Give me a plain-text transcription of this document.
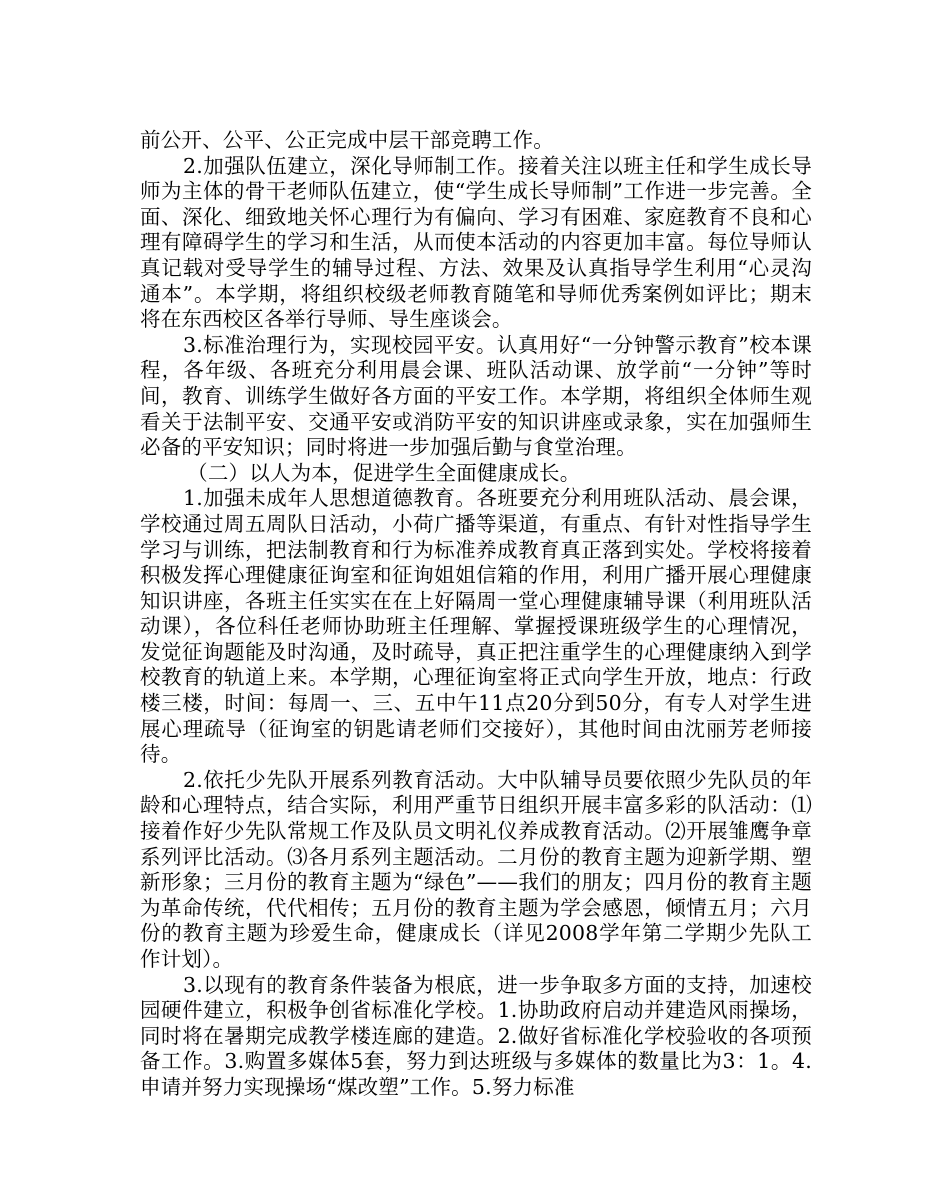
前公开、公平、公正完成中层干部竞聘工作。

2.加强队伍建立，深化导师制工作。接着关注以班主任和学生成长导师为主体的骨干老师队伍建立，使“学生成长导师制”工作进一步完善。全面、深化、细致地关怀心理行为有偏向、学习有困难、家庭教育不良和心理有障碍学生的学习和生活，从而使本活动的内容更加丰富。每位导师认真记载对受导学生的辅导过程、方法、效果及认真指导学生利用“心灵沟通本”。本学期，将组织校级老师教育随笔和导师优秀案例如评比；期末将在东西校区各举行导师、导生座谈会。

3.标准治理行为，实现校园平安。认真用好“一分钟警示教育”校本课程，各年级、各班充分利用晨会课、班队活动课、放学前“一分钟”等时间，教育、训练学生做好各方面的平安工作。本学期，将组织全体师生观看关于法制平安、交通平安或消防平安的知识讲座或录象，实在加强师生必备的平安知识；同时将进一步加强后勤与食堂治理。

（二）以人为本，促进学生全面健康成长。

1.加强未成年人思想道德教育。各班要充分利用班队活动、晨会课，学校通过周五周队日活动，小荷广播等渠道，有重点、有针对性指导学生学习与训练，把法制教育和行为标准养成教育真正落到实处。学校将接着积极发挥心理健康征询室和征询姐姐信箱的作用，利用广播开展心理健康知识讲座，各班主任实实在在上好隔周一堂心理健康辅导课（利用班队活动课），各位科任老师协助班主任理解、掌握授课班级学生的心理情况，发觉征询题能及时沟通，及时疏导，真正把注重学生的心理健康纳入到学校教育的轨道上来。本学期，心理征询室将正式向学生开放，地点：行政楼三楼，时间：每周一、三、五中午11点20分到50分，有专人对学生进展心理疏导（征询室的钥匙请老师们交接好），其他时间由沈丽芳老师接待。

2.依托少先队开展系列教育活动。大中队辅导员要依照少先队员的年龄和心理特点，结合实际，利用严重节日组织开展丰富多彩的队活动：⑴接着作好少先队常规工作及队员文明礼仪养成教育活动。⑵开展雏鹰争章系列评比活动。⑶各月系列主题活动。二月份的教育主题为迎新学期、塑新形象；三月份的教育主题为“绿色”——我们的朋友；四月份的教育主题为革命传统，代代相传；五月份的教育主题为学会感恩，倾情五月；六月份的教育主题为珍爱生命，健康成长（详见2008学年第二学期少先队工作计划）。

3.以现有的教育条件装备为根底，进一步争取多方面的支持，加速校园硬件建立，积极争创省标准化学校。1.协助政府启动并建造风雨操场，同时将在暑期完成教学楼连廊的建造。2.做好省标准化学校验收的各项预备工作。3.购置多媒体5套，努力到达班级与多媒体的数量比为3：1。4.申请并努力实现操场“煤改塑”工作。5.努力标准
